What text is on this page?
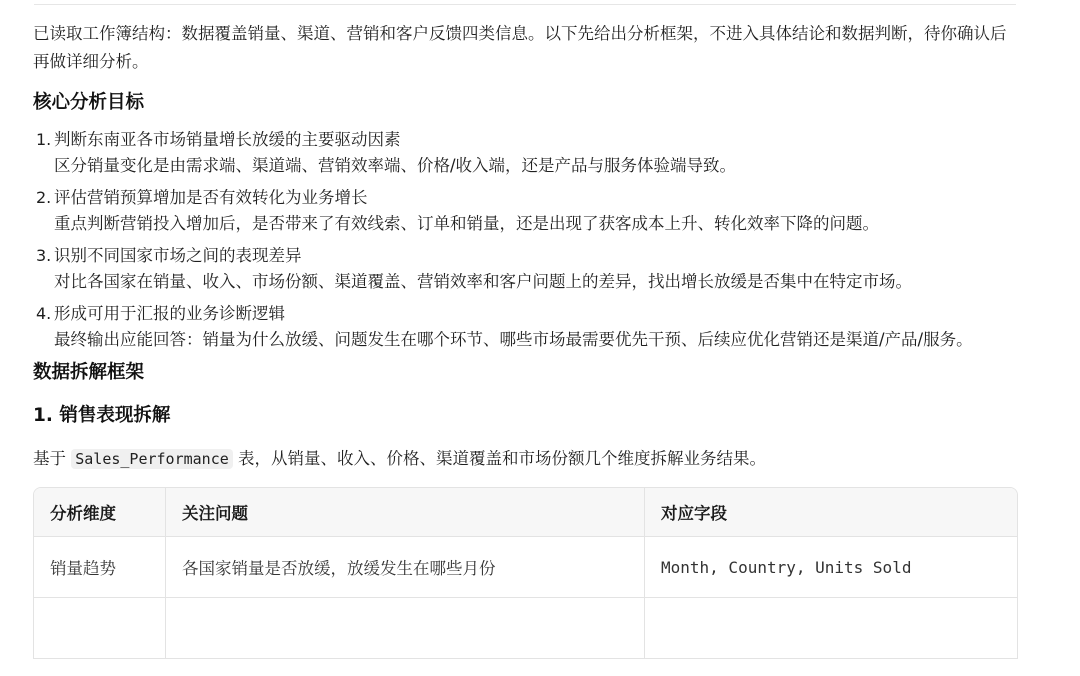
已读取工作簿结构：数据覆盖销量、渠道、营销和客户反馈四类信息。以下先给出分析框架，不进入具体结论和数据判断，待你确认后再做详细分析。

核心分析目标
1. 判断东南亚各市场销量增长放缓的主要驱动因素
区分销量变化是由需求端、渠道端、营销效率端、价格/收入端，还是产品与服务体验端导致。
2. 评估营销预算增加是否有效转化为业务增长
重点判断营销投入增加后，是否带来了有效线索、订单和销量，还是出现了获客成本上升、转化效率下降的问题。
3. 识别不同国家市场之间的表现差异
对比各国家在销量、收入、市场份额、渠道覆盖、营销效率和客户问题上的差异，找出增长放缓是否集中在特定市场。
4. 形成可用于汇报的业务诊断逻辑
最终输出应能回答：销量为什么放缓、问题发生在哪个环节、哪些市场最需要优先干预、后续应优化营销还是渠道/产品/服务。
数据拆解框架
1. 销售表现拆解

基于 Sales_Performance 表，从销量、收入、价格、渠道覆盖和市场份额几个维度拆解业务结果。

分析维度	关注问题	对应字段
销量趋势	各国家销量是否放缓，放缓发生在哪些月份	Month, Country, Units Sold
